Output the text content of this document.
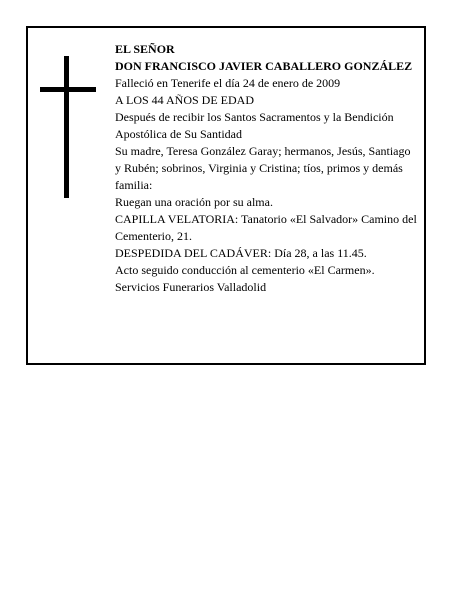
EL SEÑOR
DON FRANCISCO JAVIER CABALLERO GONZÁLEZ
Falleció en Tenerife el día 24 de enero de 2009
A LOS 44 AÑOS DE EDAD
Después de recibir los Santos Sacramentos y la Bendición Apostólica de Su Santidad
Su madre, Teresa González Garay; hermanos, Jesús, Santiago y Rubén; sobrinos, Virginia y Cristina; tíos, primos y demás familia:
Ruegan una oración por su alma.
CAPILLA VELATORIA: Tanatorio «El Salvador» Camino del Cementerio, 21.
DESPEDIDA DEL CADÁVER: Día 28, a las 11.45.
Acto seguido conducción al cementerio «El Carmen».
Servicios Funerarios Valladolid
